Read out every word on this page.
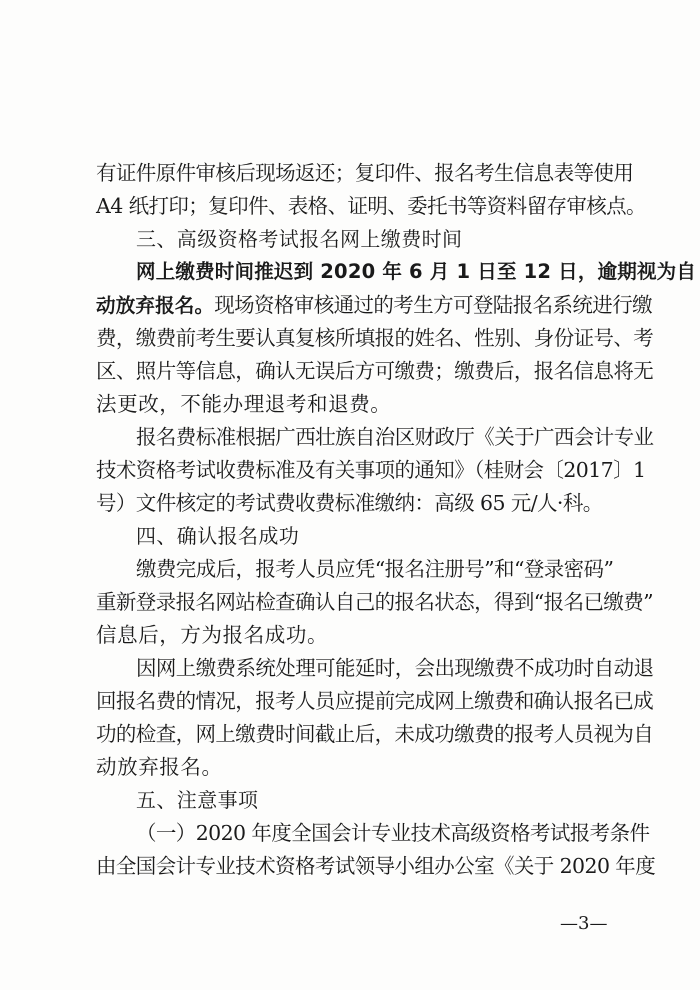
有证件原件审核后现场返还；复印件、报名考生信息表等使用
A4 纸打印；复印件、表格、证明、委托书等资料留存审核点。
三、高级资格考试报名网上缴费时间
网上缴费时间推迟到 2020 年 6 月 1 日至 12 日，逾期视为自
动放弃报名。现场资格审核通过的考生方可登陆报名系统进行缴
费，缴费前考生要认真复核所填报的姓名、性别、身份证号、考
区、照片等信息，确认无误后方可缴费；缴费后，报名信息将无
法更改，不能办理退考和退费。
报名费标准根据广西壮族自治区财政厅《关于广西会计专业
技术资格考试收费标准及有关事项的通知》（桂财会〔2017〕1
号）文件核定的考试费收费标准缴纳：高级 65 元/人·科。
四、确认报名成功
缴费完成后，报考人员应凭“报名注册号”和“登录密码”
重新登录报名网站检查确认自己的报名状态，得到“报名已缴费”
信息后，方为报名成功。
因网上缴费系统处理可能延时，会出现缴费不成功时自动退
回报名费的情况，报考人员应提前完成网上缴费和确认报名已成
功的检查，网上缴费时间截止后，未成功缴费的报考人员视为自
动放弃报名。
五、注意事项
（一）2020 年度全国会计专业技术高级资格考试报考条件
由全国会计专业技术资格考试领导小组办公室《关于 2020 年度
—3—
